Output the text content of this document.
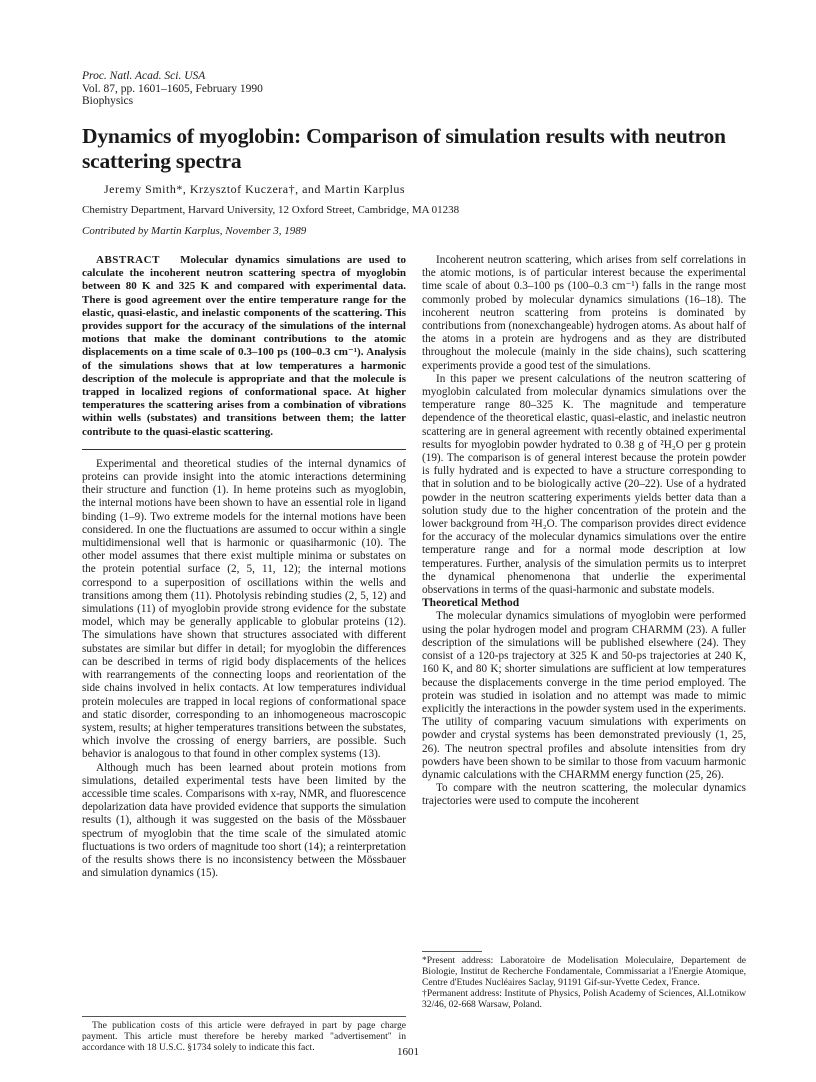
Proc. Natl. Acad. Sci. USA
Vol. 87, pp. 1601–1605, February 1990
Biophysics
Dynamics of myoglobin: Comparison of simulation results with neutron scattering spectra
Jeremy Smith*, Krzysztof Kuczera†, and Martin Karplus
Chemistry Department, Harvard University, 12 Oxford Street, Cambridge, MA 01238
Contributed by Martin Karplus, November 3, 1989

ABSTRACT Molecular dynamics simulations are used to calculate the incoherent neutron scattering spectra of myoglobin between 80 K and 325 K and compared with experimental data. There is good agreement over the entire temperature range for the elastic, quasi-elastic, and inelastic components of the scattering. This provides support for the accuracy of the simulations of the internal motions that make the dominant contributions to the atomic displacements on a time scale of 0.3–100 ps (100–0.3 cm⁻¹). Analysis of the simulations shows that at low temperatures a harmonic description of the molecule is appropriate and that the molecule is trapped in localized regions of conformational space. At higher temperatures the scattering arises from a combination of vibrations within wells (substates) and transitions between them; the latter contribute to the quasi-elastic scattering.

Experimental and theoretical studies of the internal dynamics of proteins can provide insight into the atomic interactions determining their structure and function (1). In heme proteins such as myoglobin, the internal motions have been shown to have an essential role in ligand binding (1–9). Two extreme models for the internal motions have been considered. In one the fluctuations are assumed to occur within a single multidimensional well that is harmonic or quasiharmonic (10). The other model assumes that there exist multiple minima or substates on the protein potential surface (2, 5, 11, 12); the internal motions correspond to a superposition of oscillations within the wells and transitions among them (11). Photolysis rebinding studies (2, 5, 12) and simulations (11) of myoglobin provide strong evidence for the substate model, which may be generally applicable to globular proteins (12). The simulations have shown that structures associated with different substates are similar but differ in detail; for myoglobin the differences can be described in terms of rigid body displacements of the helices with rearrangements of the connecting loops and reorientation of the side chains involved in helix contacts. At low temperatures individual protein molecules are trapped in local regions of conformational space and static disorder, corresponding to an inhomogeneous macroscopic system, results; at higher temperatures transitions between the substates, which involve the crossing of energy barriers, are possible. Such behavior is analogous to that found in other complex systems (13).

Although much has been learned about protein motions from simulations, detailed experimental tests have been limited by the accessible time scales. Comparisons with x-ray, NMR, and fluorescence depolarization data have provided evidence that supports the simulation results (1), although it was suggested on the basis of the Mössbauer spectrum of myoglobin that the time scale of the simulated atomic fluctuations is two orders of magnitude too short (14); a reinterpretation of the results shows there is no inconsistency between the Mössbauer and simulation dynamics (15).

Incoherent neutron scattering, which arises from self correlations in the atomic motions, is of particular interest because the experimental time scale of about 0.3–100 ps (100–0.3 cm⁻¹) falls in the range most commonly probed by molecular dynamics simulations (16–18). The incoherent neutron scattering from proteins is dominated by contributions from (nonexchangeable) hydrogen atoms. As about half of the atoms in a protein are hydrogens and as they are distributed throughout the molecule (mainly in the side chains), such scattering experiments provide a good test of the simulations.

In this paper we present calculations of the neutron scattering of myoglobin calculated from molecular dynamics simulations over the temperature range 80–325 K. The magnitude and temperature dependence of the theoretical elastic, quasi-elastic, and inelastic neutron scattering are in general agreement with recently obtained experimental results for myoglobin powder hydrated to 0.38 g of ²H₂O per g protein (19). The comparison is of general interest because the protein powder is fully hydrated and is expected to have a structure corresponding to that in solution and to be biologically active (20–22). Use of a hydrated powder in the neutron scattering experiments yields better data than a solution study due to the higher concentration of the protein and the lower background from ²H₂O. The comparison provides direct evidence for the accuracy of the molecular dynamics simulations over the entire temperature range and for a normal mode description at low temperatures. Further, analysis of the simulation permits us to interpret the dynamical phenomenona that underlie the experimental observations in terms of the quasi-harmonic and substate models.

Theoretical Method

The molecular dynamics simulations of myoglobin were performed using the polar hydrogen model and program CHARMM (23). A fuller description of the simulations will be published elsewhere (24). They consist of a 120-ps trajectory at 325 K and 50-ps trajectories at 240 K, 160 K, and 80 K; shorter simulations are sufficient at low temperatures because the displacements converge in the time period employed. The protein was studied in isolation and no attempt was made to mimic explicitly the interactions in the powder system used in the experiments. The utility of comparing vacuum simulations with experiments on powder and crystal systems has been demonstrated previously (1, 25, 26). The neutron spectral profiles and absolute intensities from dry powders have been shown to be similar to those from vacuum harmonic dynamic calculations with the CHARMM energy function (25, 26).

To compare with the neutron scattering, the molecular dynamics trajectories were used to compute the incoherent

The publication costs of this article were defrayed in part by page charge payment. This article must therefore be hereby marked "advertisement" in accordance with 18 U.S.C. §1734 solely to indicate this fact.

*Present address: Laboratoire de Modelisation Moleculaire, Departement de Biologie, Institut de Recherche Fondamentale, Commissariat a l'Energie Atomique, Centre d'Etudes Nucléaires Saclay, 91191 Gif-sur-Yvette Cedex, France.

†Permanent address: Institute of Physics, Polish Academy of Sciences, Al.Lotnikow 32/46, 02-668 Warsaw, Poland.

1601
